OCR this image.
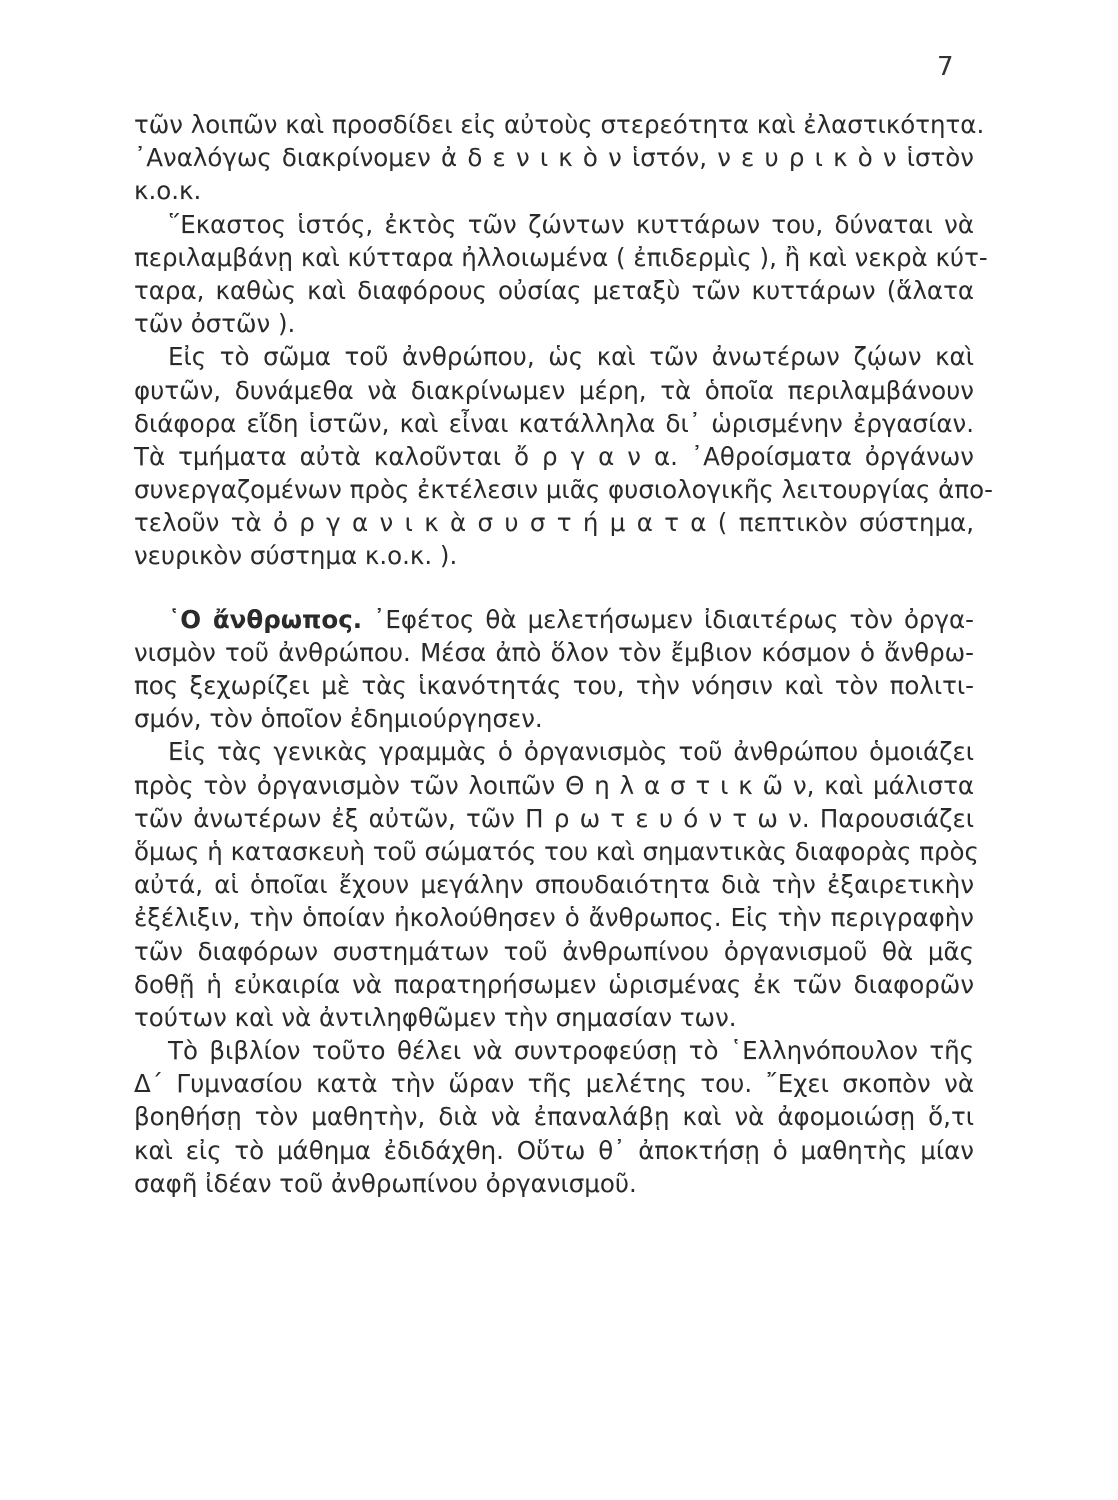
7
τῶν λοιπῶν καὶ προσδίδει εἰς αὐτοὺς στερεότητα καὶ ἐλαστικότητα.
᾿Αναλόγως διακρίνομεν ἀ δ ε ν ι κ ὸ ν ἱστόν, ν ε υ ρ ι κ ὸ ν ἱστὸν
κ.ο.κ.
῞Εκαστος ἱστός, ἐκτὸς τῶν ζώντων κυττάρων του, δύναται νὰ
περιλαμβάνῃ καὶ κύτταρα ἠλλοιωμένα ( ἐπιδερμὶς ), ἢ καὶ νεκρὰ κύτ-
ταρα, καθὼς καὶ διαφόρους οὐσίας μεταξὺ τῶν κυττάρων (ἅλατα
τῶν ὀστῶν ).
Εἰς τὸ σῶμα τοῦ ἀνθρώπου, ὡς καὶ τῶν ἀνωτέρων ζῴων καὶ
φυτῶν, δυνάμεθα νὰ διακρίνωμεν μέρη, τὰ ὁποῖα περιλαμβάνουν
διάφορα εἴδη ἱστῶν, καὶ εἶναι κατάλληλα δι᾿ ὡρισμένην ἐργασίαν.
Τὰ τμήματα αὐτὰ καλοῦνται ὄ ρ γ α ν α. ᾿Αθροίσματα ὀργάνων
συνεργαζομένων πρὸς ἐκτέλεσιν μιᾶς φυσιολογικῆς λειτουργίας ἀπο-
τελοῦν τὰ ὀ ρ γ α ν ι κ ὰ σ υ σ τ ή μ α τ α ( πεπτικὸν σύστημα,
νευρικὸν σύστημα κ.ο.κ. ).
῾Ο ἄνθρωπος. ᾿Εφέτος θὰ μελετήσωμεν ἰδιαιτέρως τὸν ὀργα-
νισμὸν τοῦ ἀνθρώπου. Μέσα ἀπὸ ὅλον τὸν ἔμβιον κόσμον ὁ ἄνθρω-
πος ξεχωρίζει μὲ τὰς ἱκανότητάς του, τὴν νόησιν καὶ τὸν πολιτι-
σμόν, τὸν ὁποῖον ἐδημιούργησεν.
Εἰς τὰς γενικὰς γραμμὰς ὁ ὀργανισμὸς τοῦ ἀνθρώπου ὁμοιάζει
πρὸς τὸν ὀργανισμὸν τῶν λοιπῶν Θ η λ α σ τ ι κ ῶ ν, καὶ μάλιστα
τῶν ἀνωτέρων ἐξ αὐτῶν, τῶν Π ρ ω τ ε υ ό ν τ ω ν. Παρουσιάζει
ὅμως ἡ κατασκευὴ τοῦ σώματός του καὶ σημαντικὰς διαφορὰς πρὸς
αὐτά, αἱ ὁποῖαι ἔχουν μεγάλην σπουδαιότητα διὰ τὴν ἐξαιρετικὴν
ἐξέλιξιν, τὴν ὁποίαν ἠκολούθησεν ὁ ἄνθρωπος. Εἰς τὴν περιγραφὴν
τῶν διαφόρων συστημάτων τοῦ ἀνθρωπίνου ὀργανισμοῦ θὰ μᾶς
δοθῇ ἡ εὐκαιρία νὰ παρατηρήσωμεν ὡρισμένας ἐκ τῶν διαφορῶν
τούτων καὶ νὰ ἀντιληφθῶμεν τὴν σημασίαν των.
Τὸ βιβλίον τοῦτο θέλει νὰ συντροφεύσῃ τὸ ῾Ελληνόπουλον τῆς
Δ΄ Γυμνασίου κατὰ τὴν ὥραν τῆς μελέτης του. ῎Εχει σκοπὸν νὰ
βοηθήσῃ τὸν μαθητὴν, διὰ νὰ ἐπαναλάβῃ καὶ νὰ ἀφομοιώσῃ ὅ,τι
καὶ εἰς τὸ μάθημα ἐδιδάχθη. Οὕτω θ᾿ ἀποκτήσῃ ὁ μαθητὴς μίαν
σαφῆ ἰδέαν τοῦ ἀνθρωπίνου ὀργανισμοῦ.
